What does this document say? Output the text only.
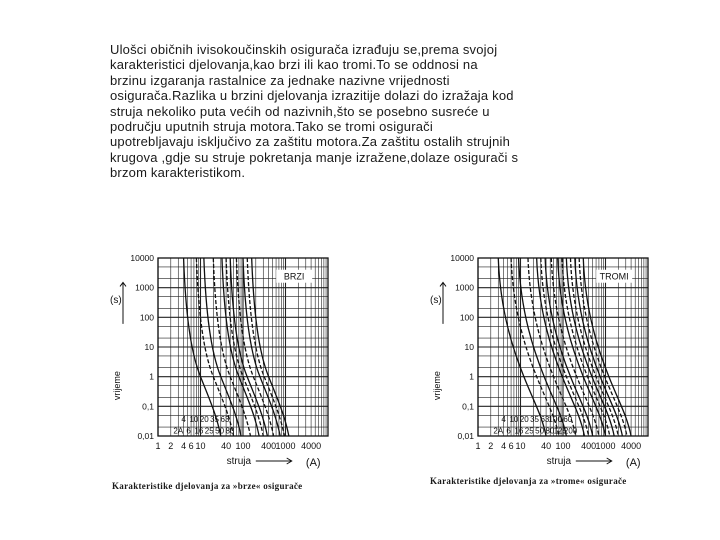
Ulošci običnih ivisokoučinskih osigurača izrađuju se,prema svojoj
karakteristici djelovanja,kao brzi ili kao tromi.To se oddnosi na
brzinu izgaranja rastalnice za jednake nazivne vrijednosti
osigurača.Razlika u brzini djelovanja izrazitije dolazi do izražaja kod
struja nekoliko puta većih od nazivnih,što se posebno susreće u
području uputnih struja motora.Tako se tromi osigurači
upotrebljavaju isključivo za zaštitu motora.Za zaštitu ostalih strujnih
krugova ,gdje su struje pokretanja manje izražene,dolaze osigurači s
brzom karakteristikom.

10000
1000
100
10
1
0,1
0,01
1 2 4 6 10 40 100 400 1000 4000
(s)
vrijeme
struja	(A)
BRZI
4 10 20 35 63
2A 6 16 25 50 80
Karakteristike djelovanja za »brze« osigurače
10000
1000
100
10
1
0,1
0,01
1 2 4 6 10 40 100 400 1000 4000
(s)
vrijeme
struja	(A)
TROMI
4 10 20 35 63 100
160
2A 6 16 25 50 80 125
200
Karakteristike djelovanja za »trome« osigurače
